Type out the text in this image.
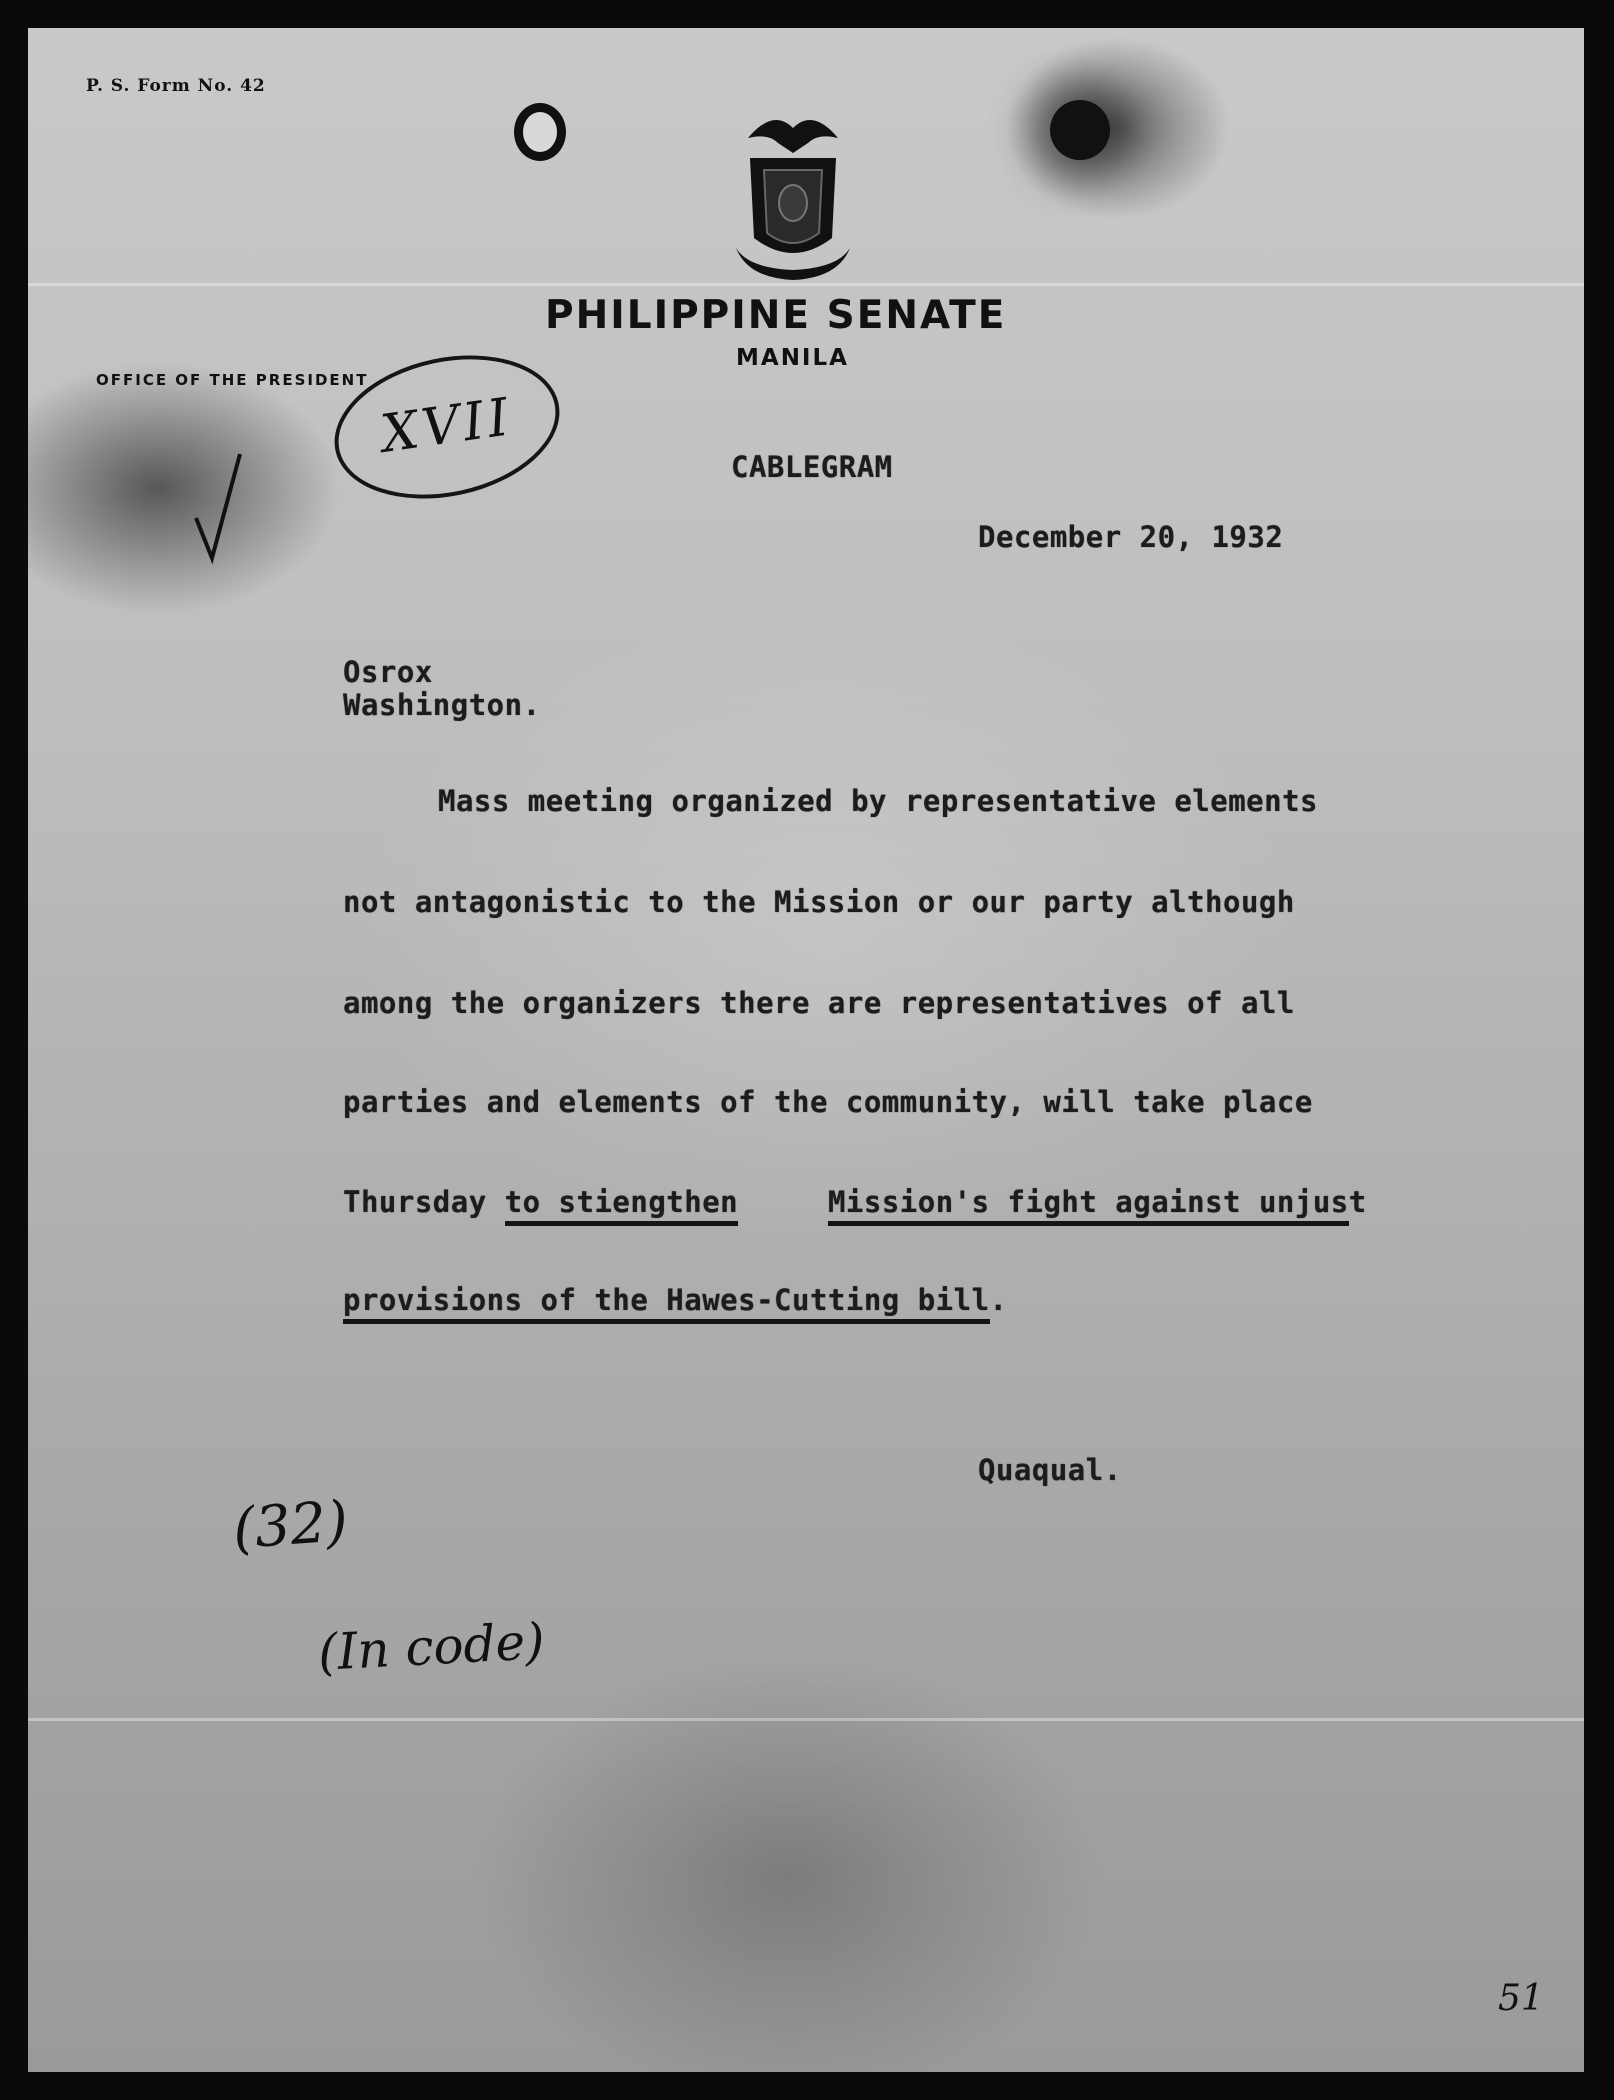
P. S. Form No. 42

PHILIPPINE SENATE

MANILA

OFFICE OF THE PRESIDENT

XVII

CABLEGRAM

December 20, 1932

Osrox

Washington.

Mass meeting organized by representative elements

not antagonistic to the Mission or our party although

among the organizers there are representatives of all

parties and elements of the community, will take place

Thursday to stiengthen	Mission's fight against unjust

provisions of the Hawes-Cutting bill.

Quaqual.

(32)

(In code)

51
